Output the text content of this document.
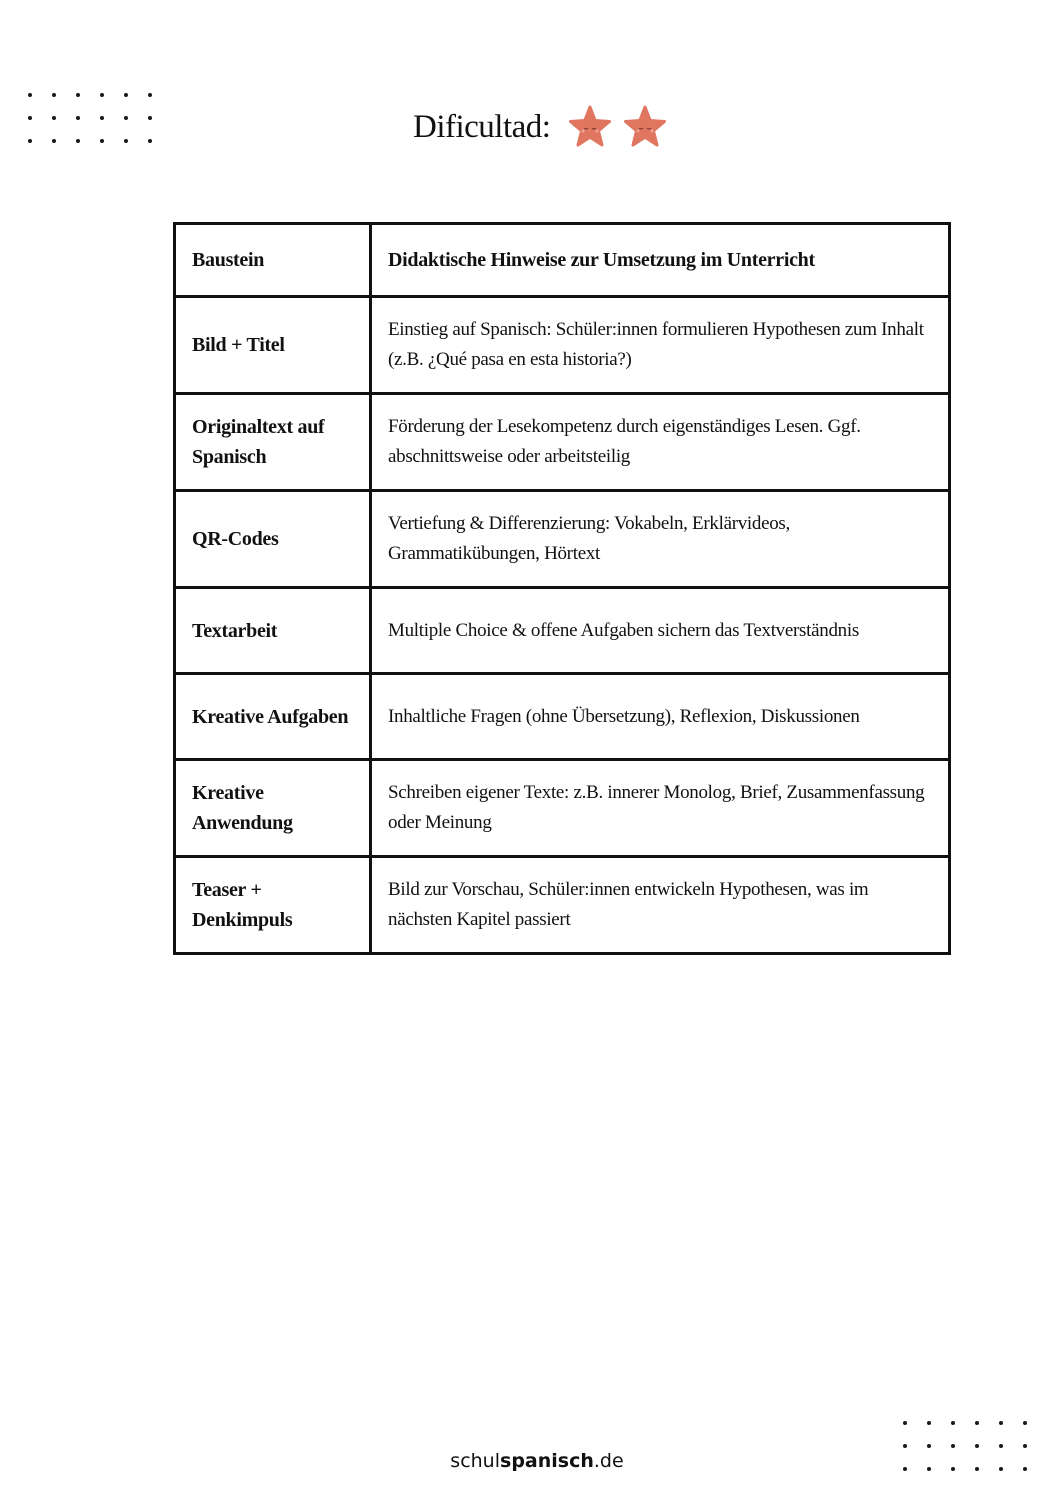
Dificultad:
Baustein	Didaktische Hinweise zur Umsetzung im Unterricht
Bild + Titel	Einstieg auf Spanisch: Schüler:innen formulieren Hypothesen zum Inhalt (z.B. ¿Qué pasa en esta historia?)
Originaltext auf Spanisch	Förderung der Lesekompetenz durch eigenständiges Lesen. Ggf. abschnittsweise oder arbeitsteilig
QR-Codes	Vertiefung & Differenzierung: Vokabeln, Erklärvideos, Grammatikübungen, Hörtext
Textarbeit	Multiple Choice & offene Aufgaben sichern das Textverständnis
Kreative Aufgaben	Inhaltliche Fragen (ohne Übersetzung), Reflexion, Diskussionen
Kreative Anwendung	Schreiben eigener Texte: z.B. innerer Monolog, Brief, Zusammenfassung oder Meinung
Teaser + Denkimpuls	Bild zur Vorschau, Schüler:innen entwickeln Hypothesen, was im nächsten Kapitel passiert
schulspanisch.de
